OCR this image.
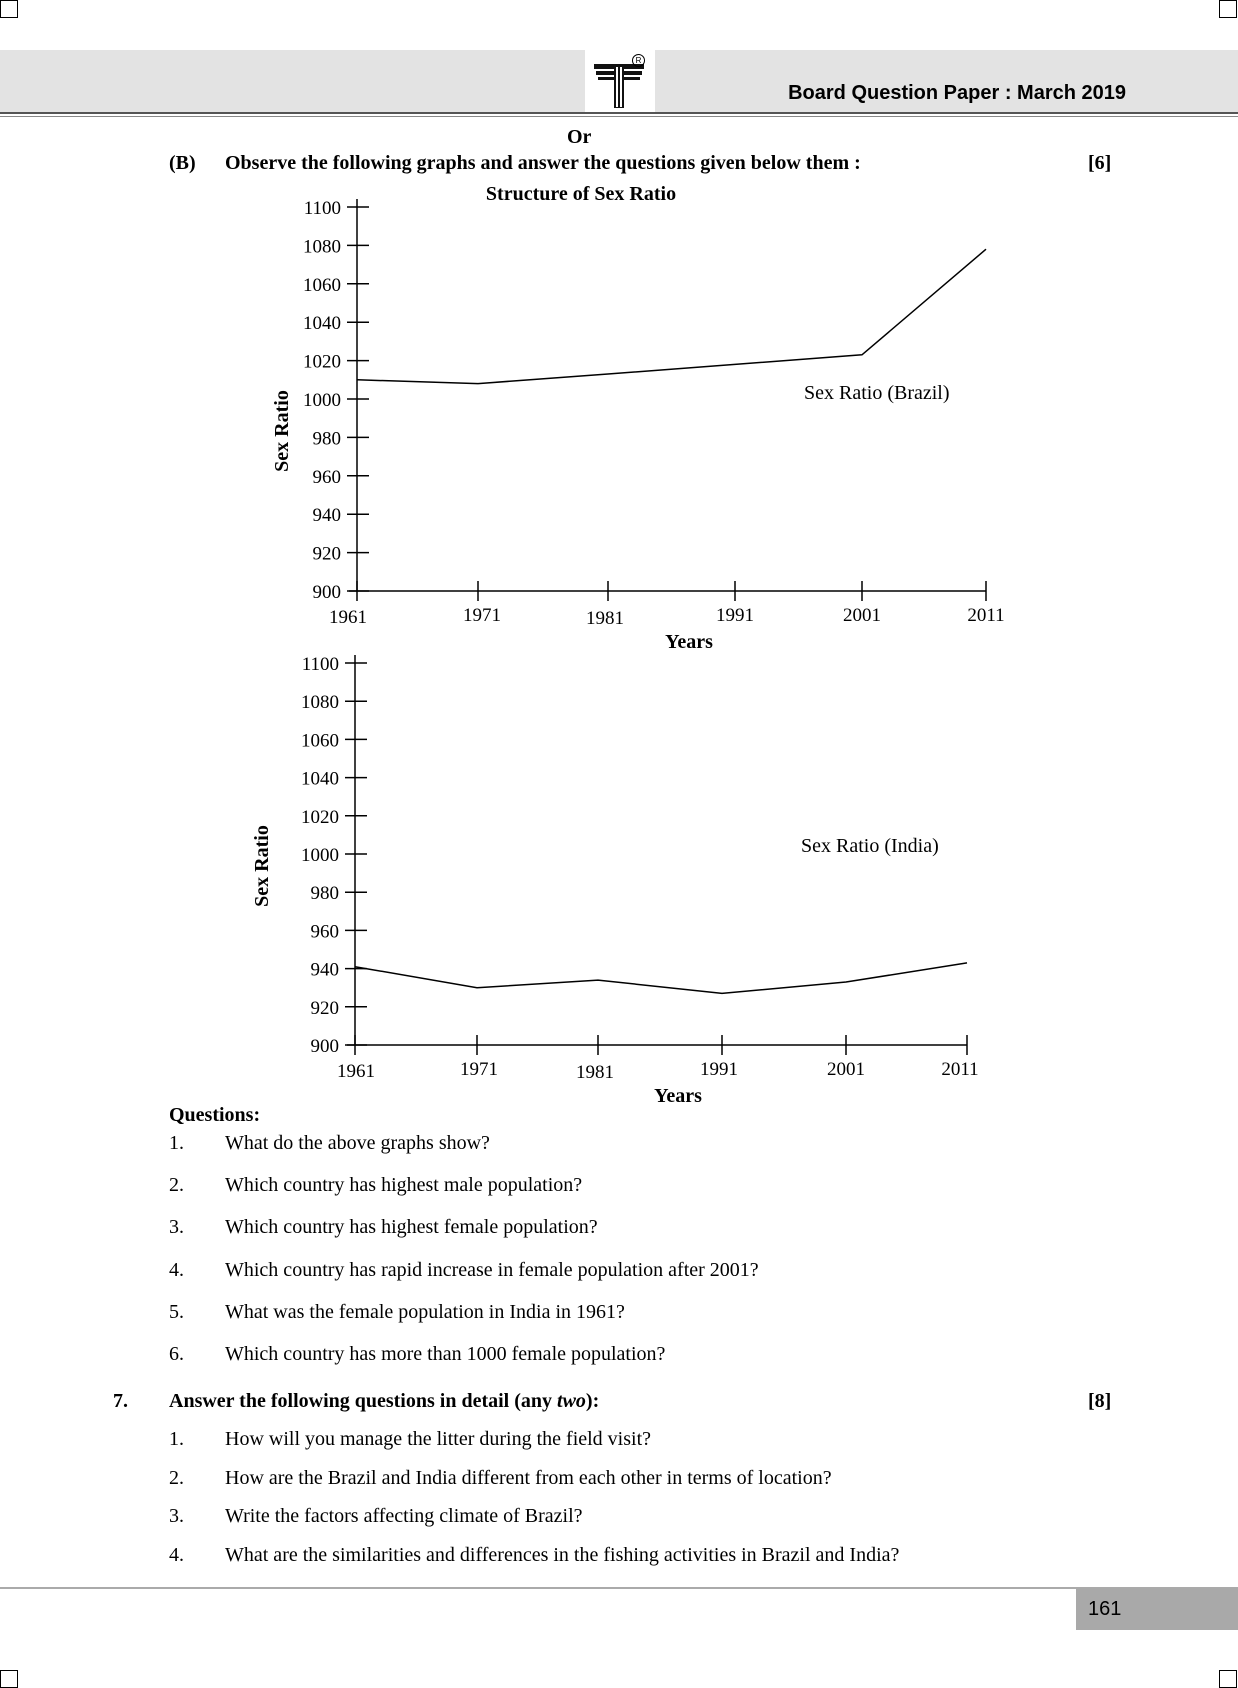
R
Board Question Paper : March 2019
Or
(B) Observe the following graphs and answer the questions given below them :	[6]
900
920
940
960
980
1000
1020
1040
1060
1080
1100
1961	1971	1981	1991	2001	2011
Sex Ratio (Brazil)
Years
Sex Ratio
Structure of Sex Ratio
900
920
940
960
980
1000
1020
1040
1060
1080
1100
1961	1971	1981	1991	2001	2011
Sex Ratio (India)
Years
Sex Ratio
Questions:
1. What do the above graphs show?
2. Which country has highest male population?
3. Which country has highest female population?
4. Which country has rapid increase in female population after 2001?
5. What was the female population in India in 1961?
6. Which country has more than 1000 female population?
7. Answer the following questions in detail (any two):	[8]
1. How will you manage the litter during the field visit?
2. How are the Brazil and India different from each other in terms of location?
3. Write the factors affecting climate of Brazil?
4. What are the similarities and differences in the fishing activities in Brazil and India?
161
